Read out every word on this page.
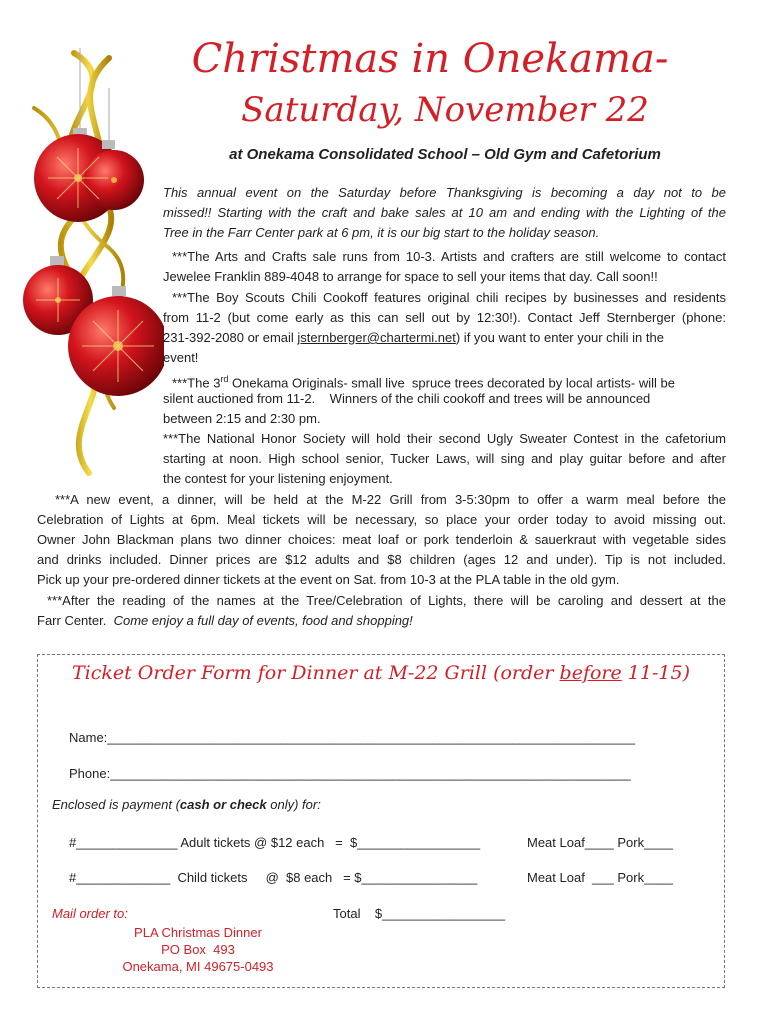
Christmas in Onekama-
Saturday, November 22
at Onekama Consolidated School – Old Gym and Cafetorium
This annual event on the Saturday before Thanksgiving is becoming a day not to be
missed!! Starting with the craft and bake sales at 10 am and ending with the Lighting of the
Tree in the Farr Center park at 6 pm, it is our big start to the holiday season.
***The Arts and Crafts sale runs from 10-3. Artists and crafters are still welcome to contact
Jewelee Franklin 889-4048 to arrange for space to sell your items that day. Call soon!!
***The Boy Scouts Chili Cookoff features original chili recipes by businesses and residents
from 11-2 (but come early as this can sell out by 12:30!). Contact Jeff Sternberger (phone:
231-392-2080 or email jsternberger@chartermi.net) if you want to enter your chili in the
event!
***The 3rd Onekama Originals- small live  spruce trees decorated by local artists- will be
silent auctioned from 11-2.    Winners of the chili cookoff and trees will be announced
between 2:15 and 2:30 pm.
***The National Honor Society will hold their second Ugly Sweater Contest in the cafetorium
starting at noon. High school senior, Tucker Laws, will sing and play guitar before and after
the contest for your listening enjoyment.
***A new event, a dinner, will be held at the M-22 Grill from 3-5:30pm to offer a warm meal before the
Celebration of Lights at 6pm. Meal tickets will be necessary, so place your order today to avoid missing out.
Owner John Blackman plans two dinner choices: meat loaf or pork tenderloin & sauerkraut with vegetable sides
and drinks included. Dinner prices are $12 adults and $8 children (ages 12 and under). Tip is not included.
Pick up your pre-ordered dinner tickets at the event on Sat. from 10-3 at the PLA table in the old gym.
***After the reading of the names at the Tree/Celebration of Lights, there will be caroling and dessert at the
Farr Center.  Come enjoy a full day of events, food and shopping!
Ticket Order Form for Dinner at M-22 Grill (order before 11-15)
Name:_________________________________________________________________________
Phone:________________________________________________________________________
Enclosed is payment (cash or check only) for:
#______________ Adult tickets @ $12 each   =  $_________________	Meat Loaf____ Pork____
#_____________  Child tickets     @  $8 each   = $________________	Meat Loaf  ___ Pork____
Mail order to:	Total    $_________________
PLA Christmas Dinner
PO Box  493
Onekama, MI 49675-0493
